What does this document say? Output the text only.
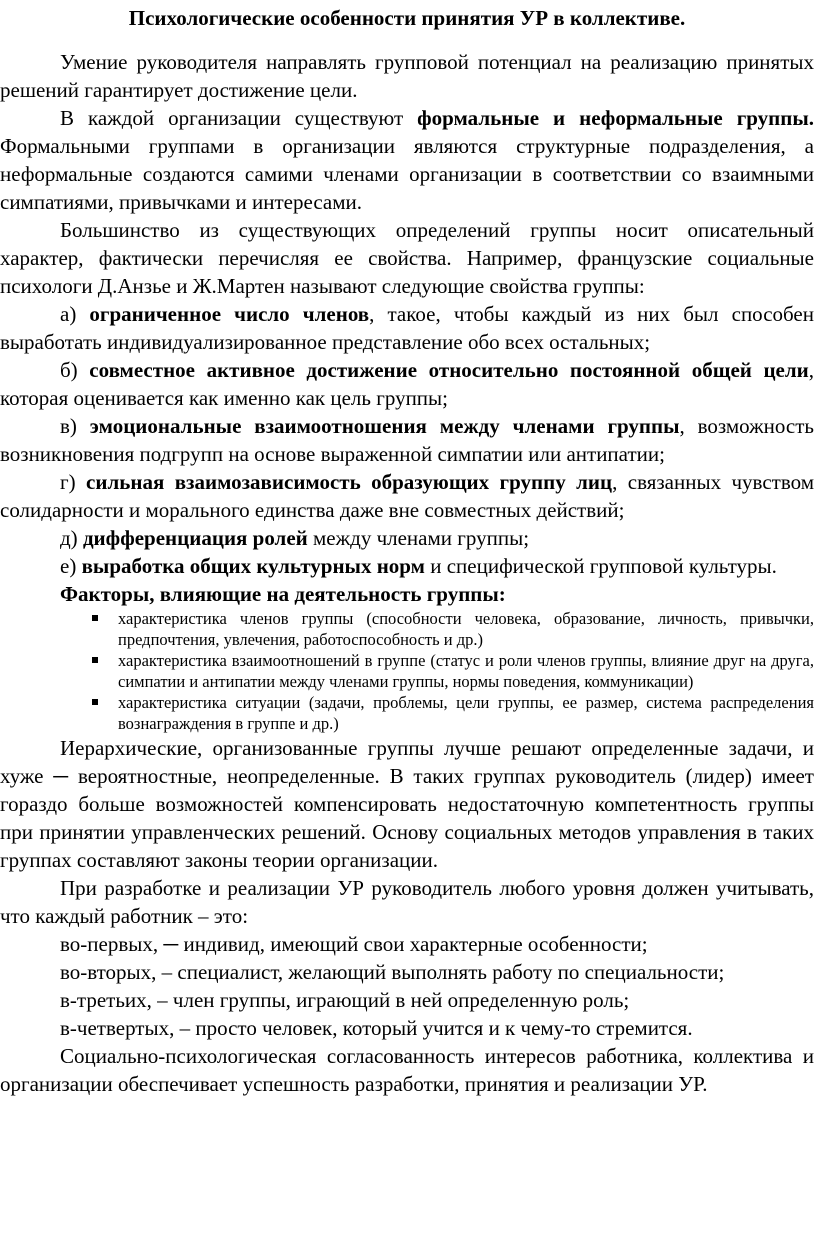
Психологические особенности принятия УР в коллективе.

Умение руководителя направлять групповой потенциал на реализацию принятых решений гарантирует достижение цели.

В каждой организации существуют формальные и неформальные группы. Формальными группами в организации являются структурные подразделения, а неформальные создаются самими членами организации в соответствии со взаимными симпатиями, привычками и интересами.

Большинство из существующих определений группы носит описательный характер, фактически перечисляя ее свойства. Например, французские социальные психологи Д.Анзье и Ж.Мартен называют следующие свойства группы:

а) ограниченное число членов, такое, чтобы каждый из них был способен выработать индивидуализированное представление обо всех остальных;

б) совместное активное достижение относительно постоянной общей цели, которая оценивается как именно как цель группы;

в) эмоциональные взаимоотношения между членами группы, возможность возникновения подгрупп на основе выраженной симпатии или антипатии;

г) сильная взаимозависимость образующих группу лиц, связанных чувством солидарности и морального единства даже вне совместных действий;

д) дифференциация ролей между членами группы;

е) выработка общих культурных норм и специфической групповой культуры.

Факторы, влияющие на деятельность группы:
характеристика членов группы (способности человека, образование, личность, привычки, предпочтения, увлечения, работоспособность и др.)
характеристика взаимоотношений в группе (статус и роли членов группы, влияние друг на друга, симпатии и антипатии между членами группы, нормы поведения, коммуникации)
характеристика ситуации (задачи, проблемы, цели группы, ее размер, система распределения вознаграждения в группе и др.)

Иерархические, организованные группы лучше решают определенные задачи, и хуже ─ вероятностные, неопределенные. В таких группах руководитель (лидер) имеет гораздо больше возможностей компенсировать недостаточную компетентность группы при принятии управленческих решений. Основу социальных методов управления в таких группах составляют законы теории организации.

При разработке и реализации УР руководитель любого уровня должен учитывать, что каждый работник – это:

во-первых, ─ индивид, имеющий свои характерные особенности;

во-вторых, – специалист, желающий выполнять работу по специальности;

в-третьих, – член группы, играющий в ней определенную роль;

в-четвертых, – просто человек, который учится и к чему-то стремится.

Социально-психологическая согласованность интересов работника, коллектива и организации обеспечивает успешность разработки, принятия и реализации УР.
